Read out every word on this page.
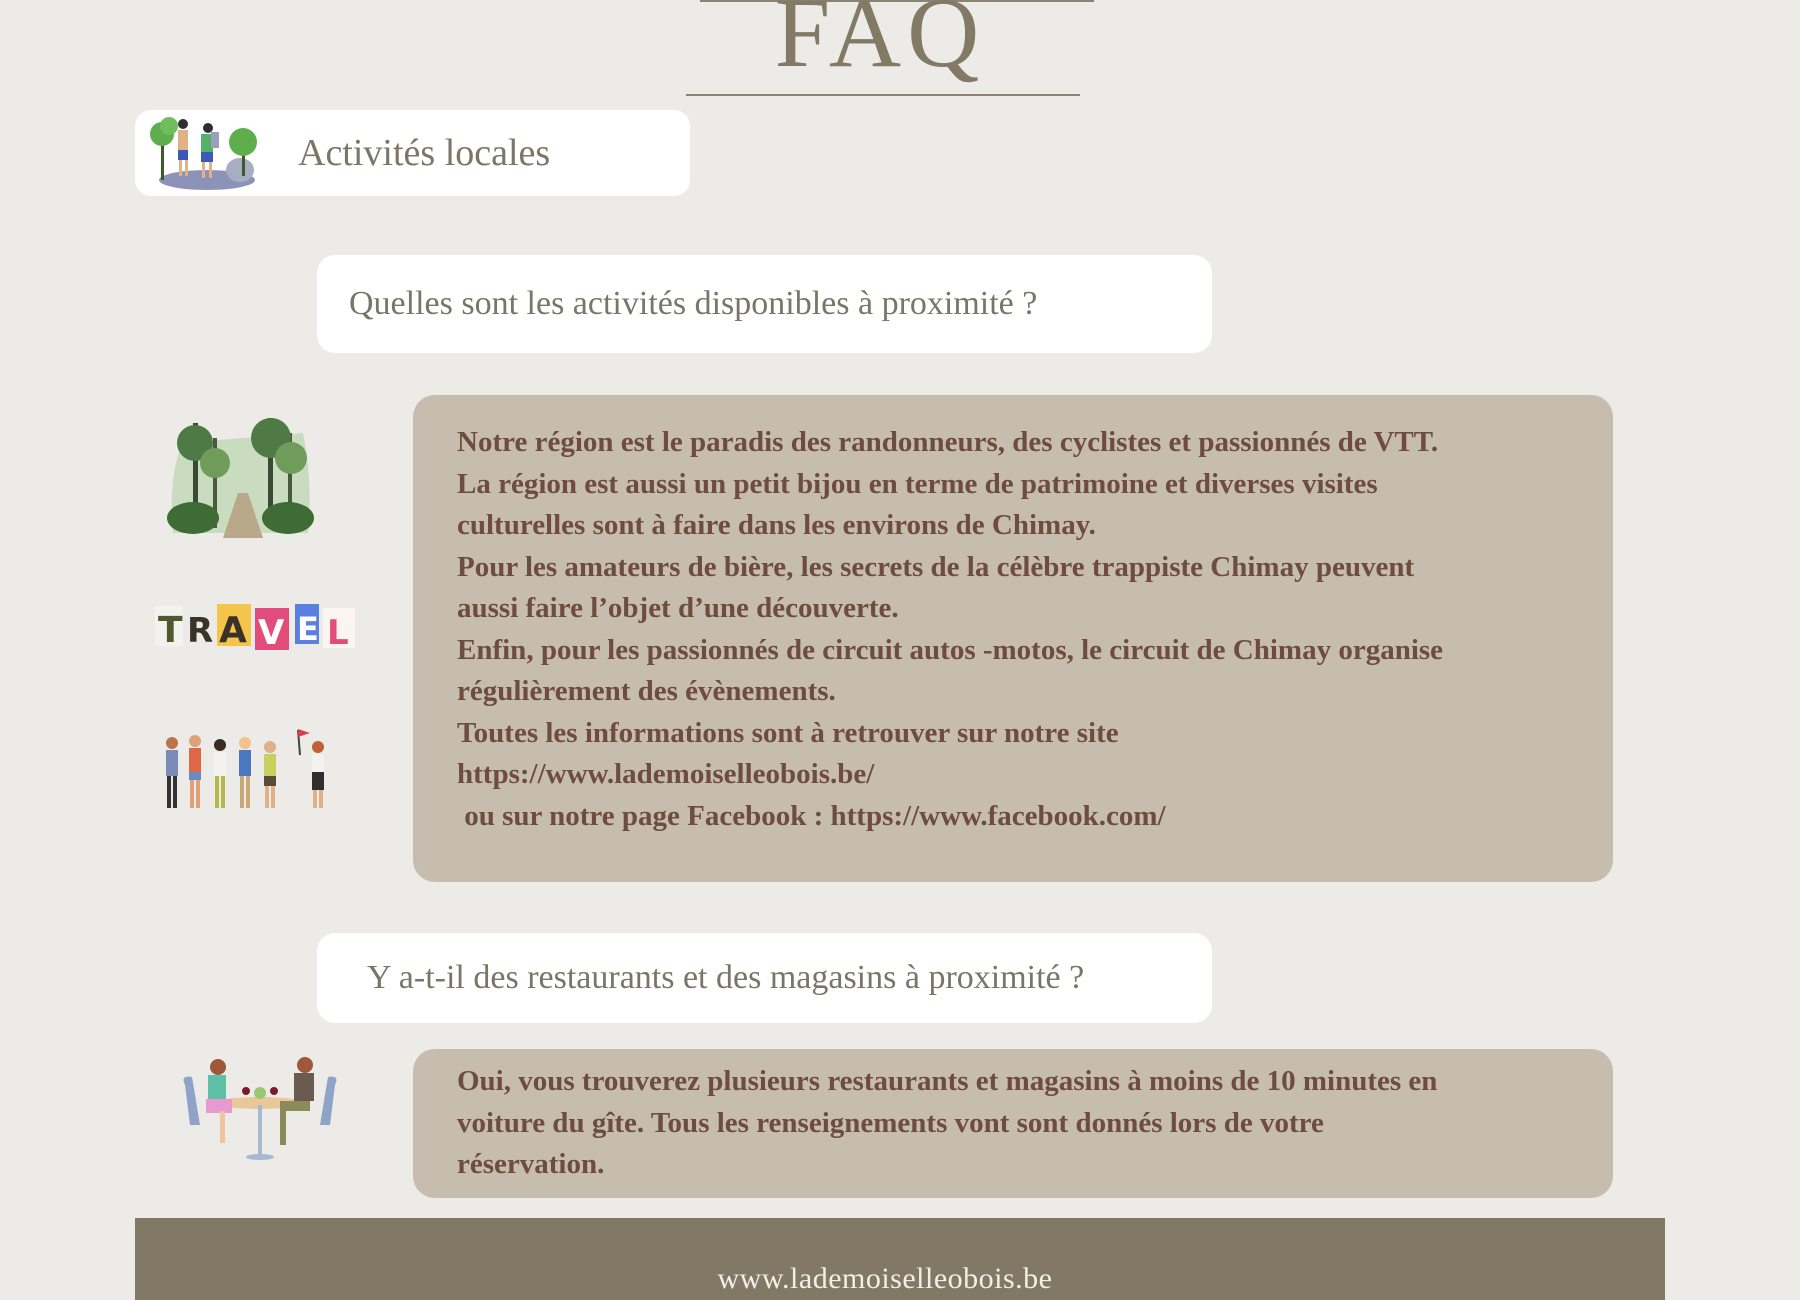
FAQ
Activités locales
Quelles sont les activités disponibles à proximité ?
T R A V E L
Notre région est le paradis des randonneurs, des cyclistes et passionnés de VTT.
La région est aussi un petit bijou en terme de patrimoine et diverses visites
culturelles sont à faire dans les environs de Chimay.
Pour les amateurs de bière, les secrets de la célèbre trappiste Chimay peuvent
aussi faire l’objet d’une découverte.
Enfin, pour les passionnés de circuit autos -motos, le circuit de Chimay organise
régulièrement des évènements.
Toutes les informations sont à retrouver sur notre site
https://www.lademoiselleobois.be/
ou sur notre page Facebook : https://www.facebook.com/
Y a-t-il des restaurants et des magasins à proximité ?
Oui, vous trouverez plusieurs restaurants et magasins à moins de 10 minutes en
voiture du gîte. Tous les renseignements vont sont donnés lors de votre
réservation.
www.lademoiselleobois.be
